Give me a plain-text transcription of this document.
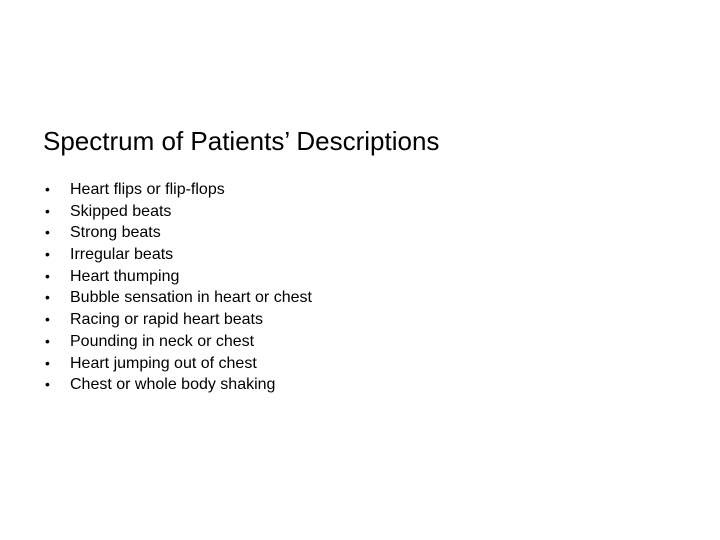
Spectrum of Patients’ Descriptions
• Heart flips or flip-flops
• Skipped beats
• Strong beats
• Irregular beats
• Heart thumping
• Bubble sensation in heart or chest
• Racing or rapid heart beats
• Pounding in neck or chest
• Heart jumping out of chest
• Chest or whole body shaking
